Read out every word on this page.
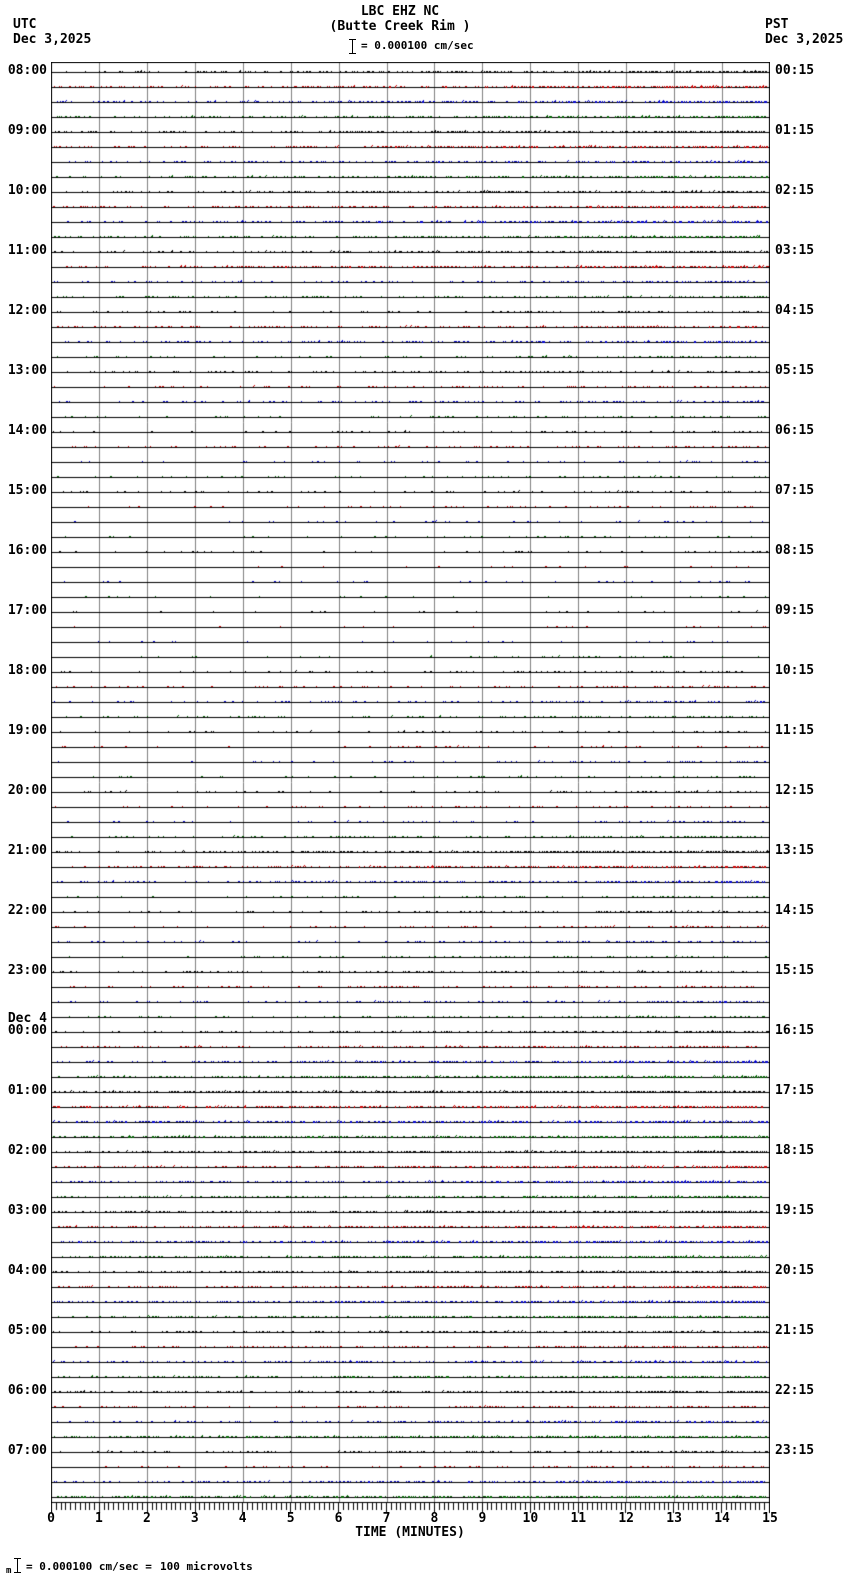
UTC
Dec 3,2025
LBC EHZ NC
(Butte Creek Rim )
= 0.000100 cm/sec
PST
Dec 3,2025
08:00
09:00
10:00
11:00
12:00
13:00
14:00
15:00
16:00
17:00
18:00
19:00
20:00
21:00
22:00
23:00
Dec 4
00:00
01:00
02:00
03:00
04:00
05:00
06:00
07:00
00:15
01:15
02:15
03:15
04:15
05:15
06:15
07:15
08:15
09:15
10:15
11:15
12:15
13:15
14:15
15:15
16:15
17:15
18:15
19:15
20:15
21:15
22:15
23:15
0	1	2	3	4	5	6	7	8	9	10	11	12	13	14	15
TIME (MINUTES)
m = 0.000100 cm/sec = 100 microvolts
